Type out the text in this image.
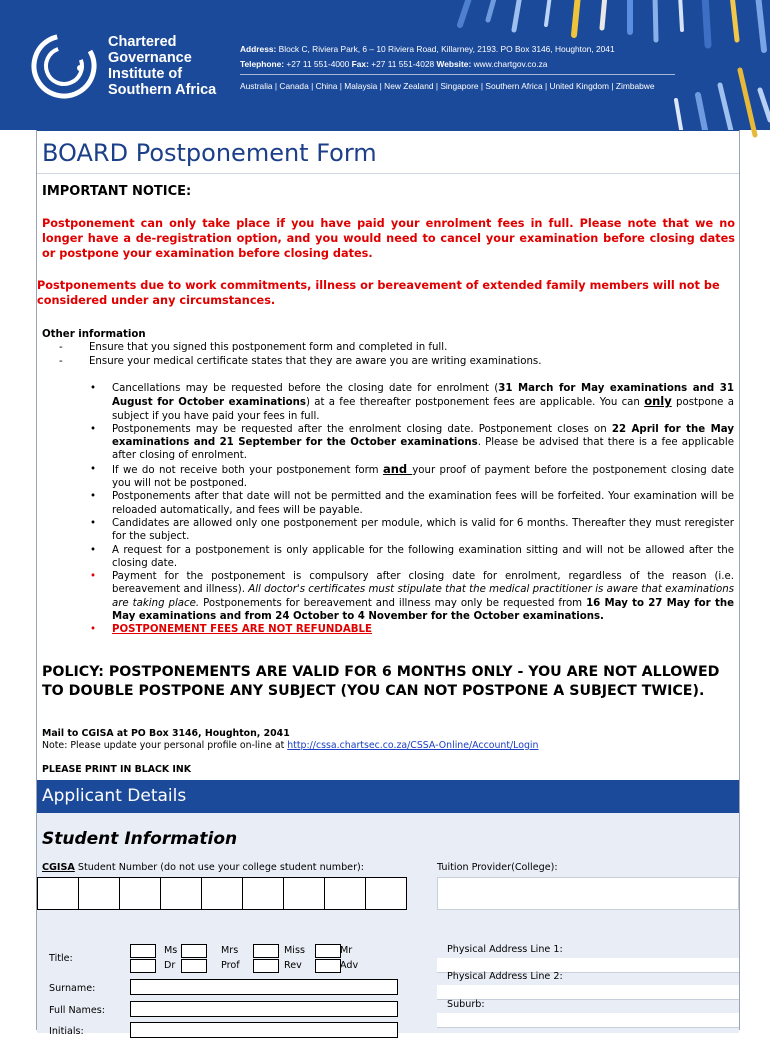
Chartered
Governance
Institute of
Southern Africa
Address: Block C, Riviera Park, 6 – 10 Riviera Road, Killarney, 2193. PO Box 3146, Houghton, 2041
Telephone: +27 11 551-4000 Fax: +27 11 551-4028 Website: www.chartgov.co.za
Australia | Canada | China | Malaysia | New Zealand | Singapore | Southern Africa | United Kingdom | Zimbabwe
BOARD Postponement Form
IMPORTANT NOTICE:
Postponement can only take place if you have paid your enrolment fees in full. Please note that we no longer have a de-registration option, and you would need to cancel your examination before closing dates or postpone your examination before closing dates.
Postponements due to work commitments, illness or bereavement of extended family members will not be considered under any circumstances.
Other information
- Ensure that you signed this postponement form and completed in full.
- Ensure your medical certificate states that they are aware you are writing examinations.
• Cancellations may be requested before the closing date for enrolment (31 March for May examinations and 31 August for October examinations) at a fee thereafter postponement fees are applicable. You can only postpone a subject if you have paid your fees in full.
• Postponements may be requested after the enrolment closing date. Postponement closes on 22 April for the May examinations and 21 September for the October examinations. Please be advised that there is a fee applicable after closing of enrolment.
• If we do not receive both your postponement form and your proof of payment before the postponement closing date you will not be postponed.
• Postponements after that date will not be permitted and the examination fees will be forfeited. Your examination will be reloaded automatically, and fees will be payable.
• Candidates are allowed only one postponement per module, which is valid for 6 months. Thereafter they must reregister for the subject.
• A request for a postponement is only applicable for the following examination sitting and will not be allowed after the closing date.
• Payment for the postponement is compulsory after closing date for enrolment, regardless of the reason (i.e. bereavement and illness). All doctor's certificates must stipulate that the medical practitioner is aware that examinations are taking place. Postponements for bereavement and illness may only be requested from 16 May to 27 May for the May examinations and from 24 October to 4 November for the October examinations.
• POSTPONEMENT FEES ARE NOT REFUNDABLE
POLICY: POSTPONEMENTS ARE VALID FOR 6 MONTHS ONLY - YOU ARE NOT ALLOWED TO DOUBLE POSTPONE ANY SUBJECT (YOU CAN NOT POSTPONE A SUBJECT TWICE).
Mail to CGISA at PO Box 3146, Houghton, 2041
Note: Please update your personal profile on-line at http://cssa.chartsec.co.za/CSSA-Online/Account/Login
PLEASE PRINT IN BLACK INK
Applicant Details
Student Information
CGISA Student Number (do not use your college student number):	Tuition Provider(College):
Title:
Ms
Dr
Mrs
Prof
Miss
Rev
Mr
Adv
Surname:
Full Names:
Initials:
Physical Address Line 1:
Physical Address Line 2:
Suburb:
